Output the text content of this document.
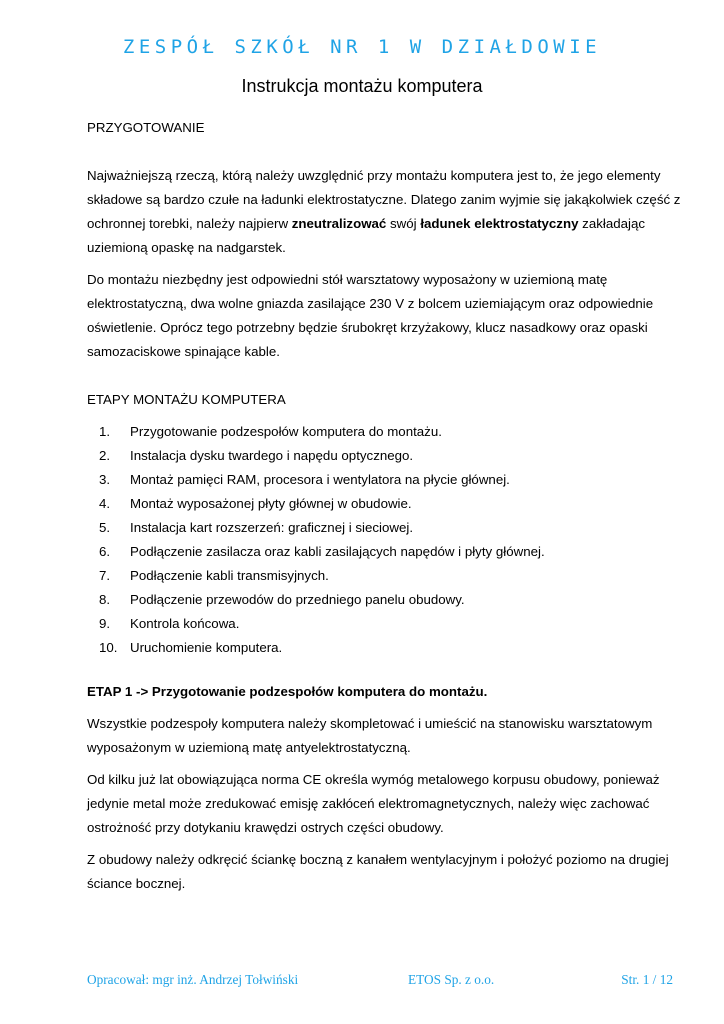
ZESPÓŁ SZKÓŁ NR 1 W DZIAŁDOWIE
Instrukcja montażu komputera
PRZYGOTOWANIE

Najważniejszą rzeczą, którą należy uwzględnić przy montażu komputera jest to, że jego elementy składowe są bardzo czułe na ładunki elektrostatyczne. Dlatego zanim wyjmie się jakąkolwiek część z ochronnej torebki, należy najpierw zneutralizować swój ładunek elektrostatyczny zakładając uziemioną opaskę na nadgarstek.

Do montażu niezbędny jest odpowiedni stół warsztatowy wyposażony w uziemioną matę elektrostatyczną, dwa wolne gniazda zasilające 230 V z bolcem uziemiającym oraz odpowiednie oświetlenie. Oprócz tego potrzebny będzie śrubokręt krzyżakowy, klucz nasadkowy oraz opaski samozaciskowe spinające kable.

ETAPY MONTAŻU KOMPUTERA
1. Przygotowanie podzespołów komputera do montażu.
2. Instalacja dysku twardego i napędu optycznego.
3. Montaż pamięci RAM, procesora i wentylatora na płycie głównej.
4. Montaż wyposażonej płyty głównej w obudowie.
5. Instalacja kart rozszerzeń: graficznej i sieciowej.
6. Podłączenie zasilacza oraz kabli zasilających napędów i płyty głównej.
7. Podłączenie kabli transmisyjnych.
8. Podłączenie przewodów do przedniego panelu obudowy.
9. Kontrola końcowa.
10. Uruchomienie komputera.
ETAP 1 -> Przygotowanie podzespołów komputera do montażu.

Wszystkie podzespoły komputera należy skompletować i umieścić na stanowisku warsztatowym wyposażonym w uziemioną matę antyelektrostatyczną.

Od kilku już lat obowiązująca norma CE określa wymóg metalowego korpusu obudowy, ponieważ jedynie metal może zredukować emisję zakłóceń elektromagnetycznych, należy więc zachować ostrożność przy dotykaniu krawędzi ostrych części obudowy.

Z obudowy należy odkręcić ściankę boczną z kanałem wentylacyjnym i położyć poziomo na drugiej ściance bocznej.

Opracował: mgr inż. Andrzej Tołwiński	ETOS Sp. z o.o.	Str. 1 / 12
